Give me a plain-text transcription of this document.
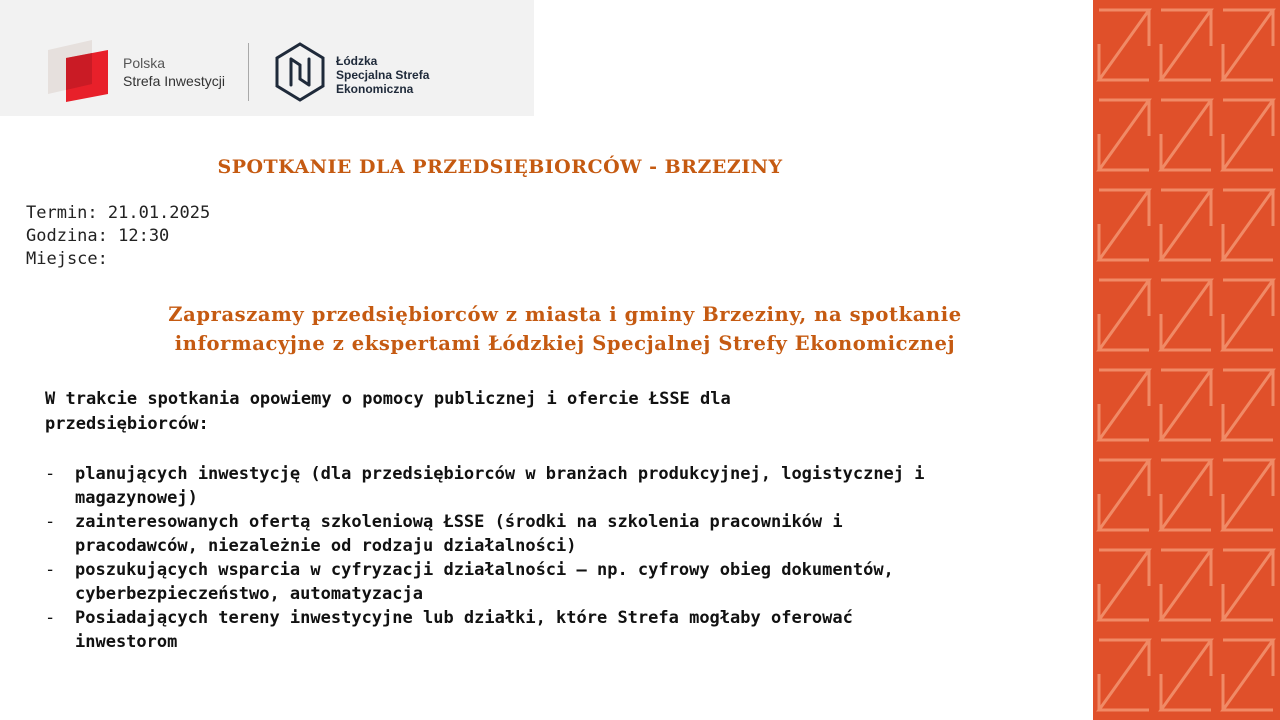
Polska
Strefa Inwestycji
Łódzka
Specjalna Strefa
Ekonomiczna
SPOTKANIE DLA PRZEDSIĘBIORCÓW - BRZEZINY
Termin: 21.01.2025
Godzina: 12:30
Miejsce:
Zapraszamy przedsiębiorców z miasta i gminy Brzeziny, na spotkanie
informacyjne z ekspertami Łódzkiej Specjalnej Strefy Ekonomicznej
W trakcie spotkania opowiemy o pomocy publicznej i ofercie ŁSSE dla
przedsiębiorców:
- planujących inwestycję (dla przedsiębiorców w branżach produkcyjnej, logistycznej i
magazynowej)
- zainteresowanych ofertą szkoleniową ŁSSE (środki na szkolenia pracowników i
pracodawców, niezależnie od rodzaju działalności)
- poszukujących wsparcia w cyfryzacji działalności – np. cyfrowy obieg dokumentów,
cyberbezpieczeństwo, automatyzacja
- Posiadających tereny inwestycyjne lub działki, które Strefa mogłaby oferować
inwestorom
